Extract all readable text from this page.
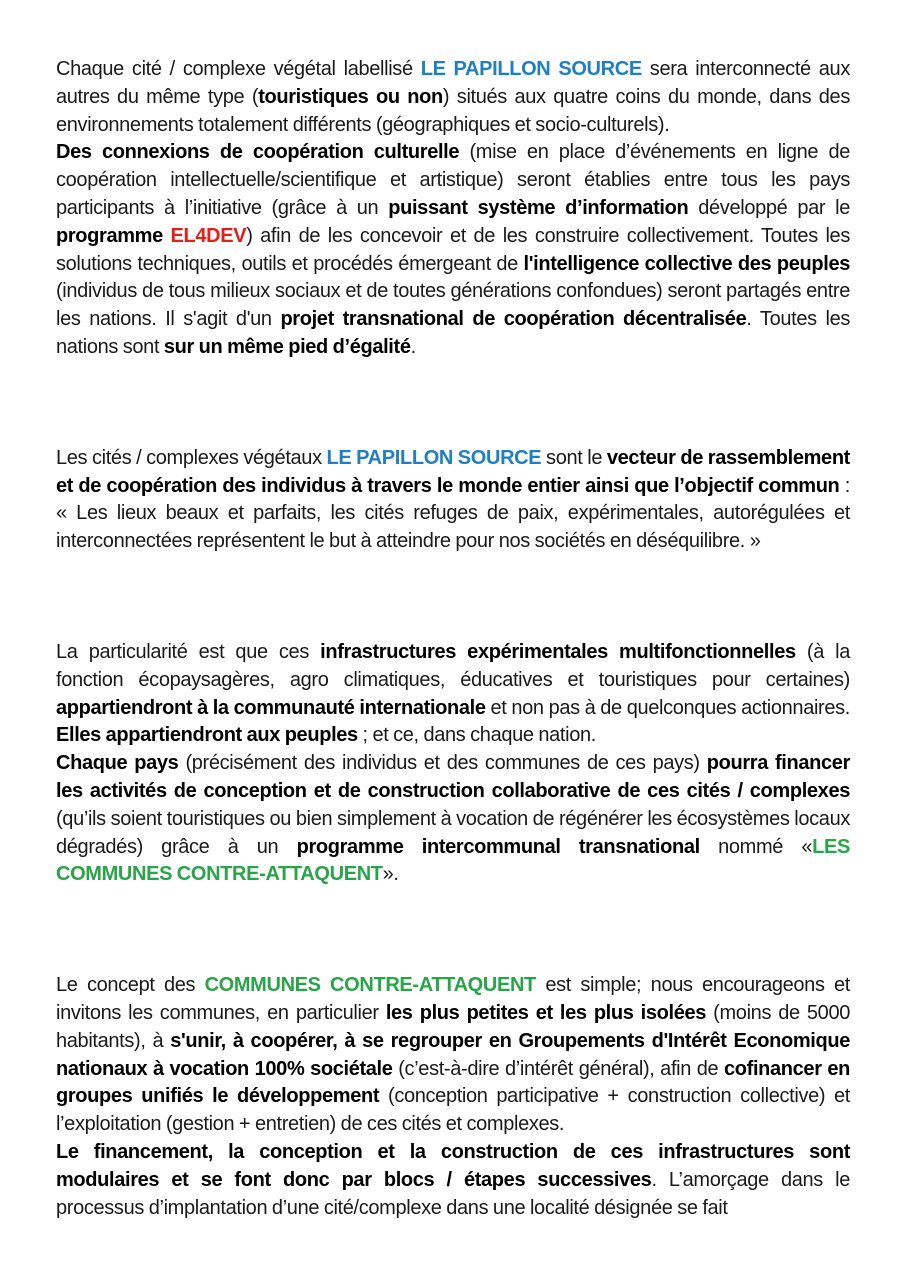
Chaque cité / complexe végétal labellisé LE PAPILLON SOURCE sera interconnecté aux autres du même type (touristiques ou non) situés aux quatre coins du monde, dans des environnements totalement différents (géographiques et socio-culturels).

Des connexions de coopération culturelle (mise en place d’événements en ligne de coopération intellectuelle/scientifique et artistique) seront établies entre tous les pays participants à l’initiative (grâce à un puissant système d’information développé par le programme EL4DEV) afin de les concevoir et de les construire collectivement. Toutes les solutions techniques, outils et procédés émergeant de l'intelligence collective des peuples (individus de tous milieux sociaux et de toutes générations confondues) seront partagés entre les nations. Il s'agit d'un projet transnational de coopération décentralisée. Toutes les nations sont sur un même pied d’égalité.

Les cités / complexes végétaux LE PAPILLON SOURCE sont le vecteur de rassemblement et de coopération des individus à travers le monde entier ainsi que l’objectif commun : « Les lieux beaux et parfaits, les cités refuges de paix, expérimentales, autorégulées et interconnectées représentent le but à atteindre pour nos sociétés en déséquilibre. »

La particularité est que ces infrastructures expérimentales multifonctionnelles (à la fonction écopaysagères, agro climatiques, éducatives et touristiques pour certaines) appartiendront à la communauté internationale et non pas à de quelconques actionnaires. Elles appartiendront aux peuples ; et ce, dans chaque nation.

Chaque pays (précisément des individus et des communes de ces pays) pourra financer les activités de conception et de construction collaborative de ces cités / complexes (qu’ils soient touristiques ou bien simplement à vocation de régénérer les écosystèmes locaux dégradés) grâce à un programme intercommunal transnational nommé «LES COMMUNES CONTRE-ATTAQUENT».

Le concept des COMMUNES CONTRE-ATTAQUENT est simple; nous encourageons et invitons les communes, en particulier les plus petites et les plus isolées (moins de 5000 habitants), à s'unir, à coopérer, à se regrouper en Groupements d'Intérêt Economique nationaux à vocation 100% sociétale (c’est-à-dire d’intérêt général), afin de cofinancer en groupes unifiés le développement (conception participative + construction collective) et l’exploitation (gestion + entretien) de ces cités et complexes.

Le financement, la conception et la construction de ces infrastructures sont modulaires et se font donc par blocs / étapes successives. L’amorçage dans le processus d’implantation d’une cité/complexe dans une localité désignée se fait
